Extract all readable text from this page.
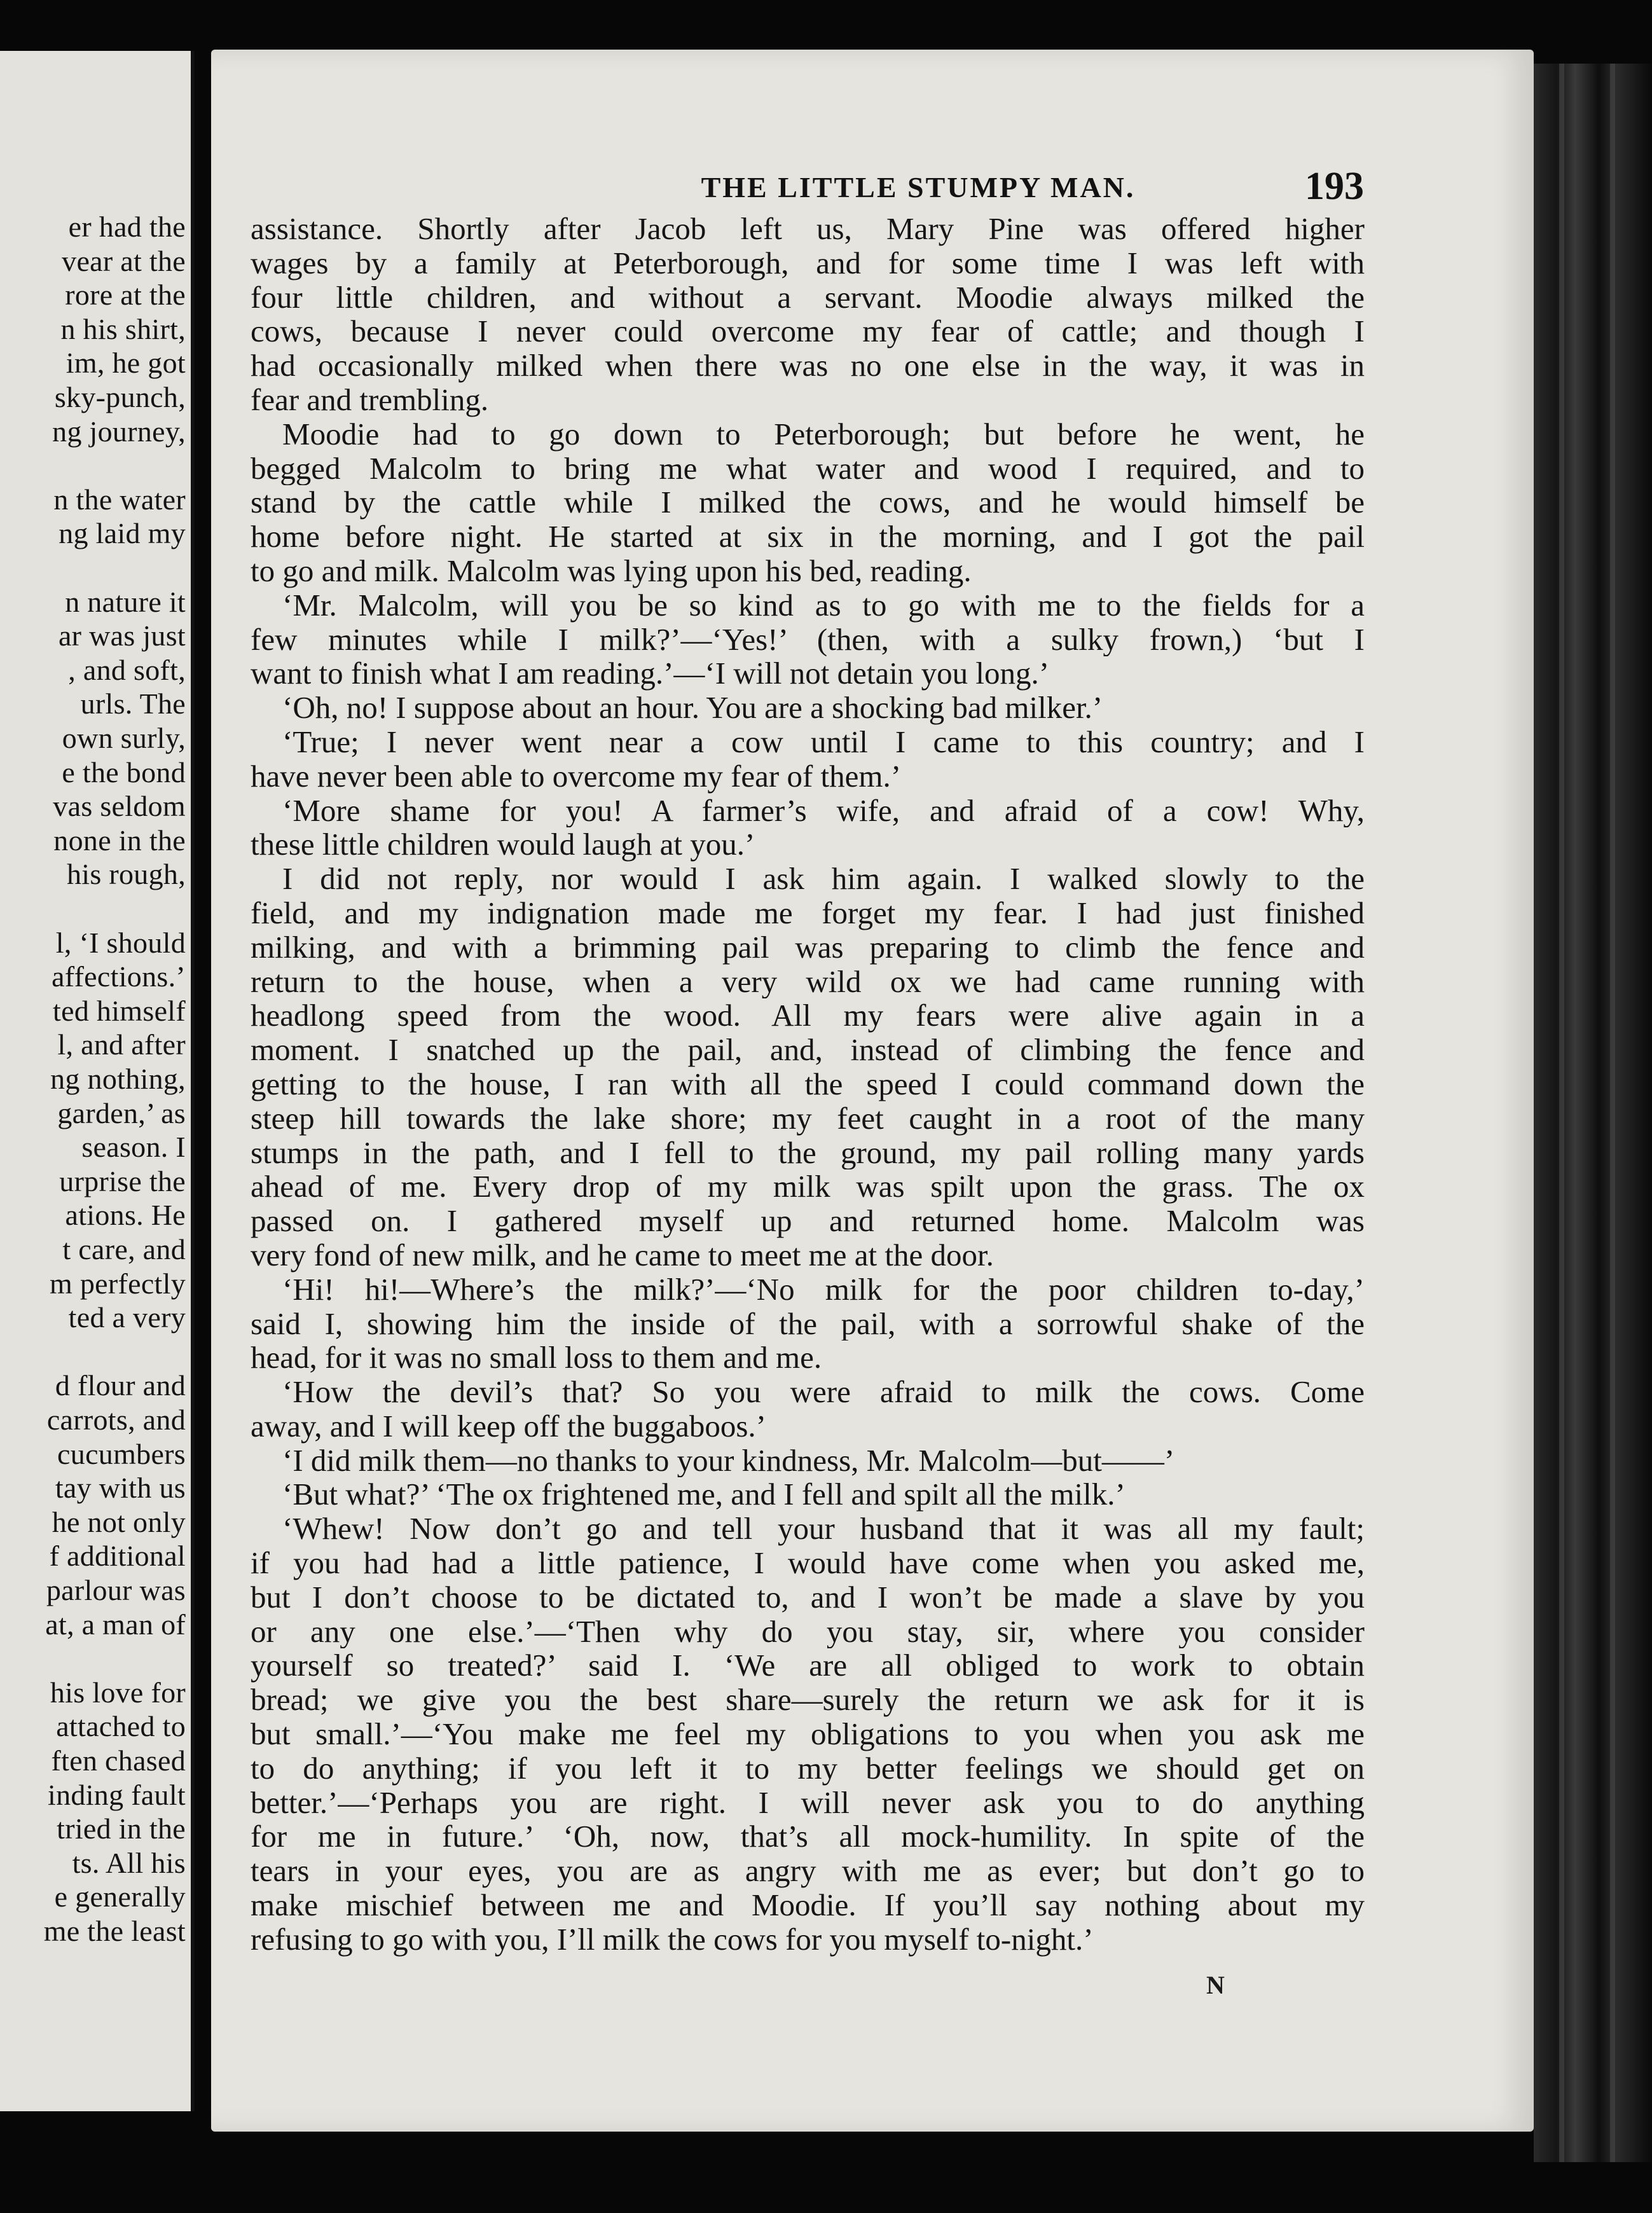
er had the
vear at the
rore at the
n his shirt,
im, he got
sky-punch,
ng journey,
n the water
ng laid my
n nature it
ar was just
, and soft,
urls. The
own surly,
e the bond
vas seldom
none in the
his rough,
l, ‘I should
affections.’
ted himself
l, and after
ng nothing,
garden,’ as
season. I
urprise the
ations. He
t care, and
m perfectly
ted a very
d flour and
carrots, and
cucumbers
tay with us
he not only
f additional
parlour was
at, a man of
his love for
attached to
ften chased
inding fault
tried in the
ts. All his
e generally
me the least
THE LITTLE STUMPY MAN.	193
assistance. Shortly after Jacob left us, Mary Pine was offered higher
wages by a family at Peterborough, and for some time I was left with
four little children, and without a servant. Moodie always milked the
cows, because I never could overcome my fear of cattle; and though I
had occasionally milked when there was no one else in the way, it was in
fear and trembling.
Moodie had to go down to Peterborough; but before he went, he
begged Malcolm to bring me what water and wood I required, and to
stand by the cattle while I milked the cows, and he would himself be
home before night. He started at six in the morning, and I got the pail
to go and milk. Malcolm was lying upon his bed, reading.
‘Mr. Malcolm, will you be so kind as to go with me to the fields for a
few minutes while I milk?’—‘Yes!’ (then, with a sulky frown,) ‘but I
want to finish what I am reading.’—‘I will not detain you long.’
‘Oh, no! I suppose about an hour. You are a shocking bad milker.’
‘True; I never went near a cow until I came to this country; and I
have never been able to overcome my fear of them.’
‘More shame for you! A farmer’s wife, and afraid of a cow! Why,
these little children would laugh at you.’
I did not reply, nor would I ask him again. I walked slowly to the
field, and my indignation made me forget my fear. I had just finished
milking, and with a brimming pail was preparing to climb the fence and
return to the house, when a very wild ox we had came running with
headlong speed from the wood. All my fears were alive again in a
moment. I snatched up the pail, and, instead of climbing the fence and
getting to the house, I ran with all the speed I could command down the
steep hill towards the lake shore; my feet caught in a root of the many
stumps in the path, and I fell to the ground, my pail rolling many yards
ahead of me. Every drop of my milk was spilt upon the grass. The ox
passed on. I gathered myself up and returned home. Malcolm was
very fond of new milk, and he came to meet me at the door.
‘Hi! hi!—Where’s the milk?’—‘No milk for the poor children to-day,’
said I, showing him the inside of the pail, with a sorrowful shake of the
head, for it was no small loss to them and me.
‘How the devil’s that? So you were afraid to milk the cows. Come
away, and I will keep off the buggaboos.’
‘I did milk them—no thanks to your kindness, Mr. Malcolm—but——’
‘But what?’ ‘The ox frightened me, and I fell and spilt all the milk.’
‘Whew! Now don’t go and tell your husband that it was all my fault;
if you had had a little patience, I would have come when you asked me,
but I don’t choose to be dictated to, and I won’t be made a slave by you
or any one else.’—‘Then why do you stay, sir, where you consider
yourself so treated?’ said I. ‘We are all obliged to work to obtain
bread; we give you the best share—surely the return we ask for it is
but small.’—‘You make me feel my obligations to you when you ask me
to do anything; if you left it to my better feelings we should get on
better.’—‘Perhaps you are right. I will never ask you to do anything
for me in future.’ ‘Oh, now, that’s all mock-humility. In spite of the
tears in your eyes, you are as angry with me as ever; but don’t go to
make mischief between me and Moodie. If you’ll say nothing about my
refusing to go with you, I’ll milk the cows for you myself to-night.’
N
